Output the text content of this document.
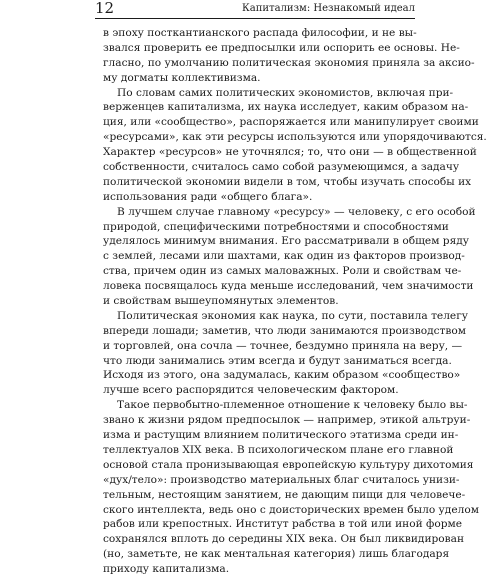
12	Капитализм: Незнакомый идеал
в эпоху посткантианского распада философии, и не вы-
звался проверить ее предпосылки или оспорить ее основы. Не-
гласно, по умолчанию политическая экономия приняла за аксио-
му догматы коллективизма.
По словам самих политических экономистов, включая пpи-
верженцев капитализма, их наука исследует, каким образом на-
ция, или «сообщество», распоряжается или манипулирует своими
«ресурсами», как эти ресурсы используются или упорядочиваются.
Характер «ресурсов» не уточнялся; то, что они — в общественной
собственности, считалось само собой разумеющимся, а задачу
политической экономии видели в том, чтобы изучать способы их
использования ради «общего блага».
В лучшем случае главному «ресурсу» — человеку, с его особой
природой, специфическими потребностями и способностями
уделялось минимум внимания. Его рассматривали в общем ряду
с землей, лесами или шахтами, как один из факторов производ-
ства, причем один из самых маловажных. Роли и свойствам че-
ловека посвящалось куда меньше исследований, чем значимости
и свойствам вышеупомянутых элементов.
Политическая экономия как наука, по сути, поставила телегу
впереди лошади; заметив, что люди занимаются производством
и торговлей, она сочла — точнее, бездумно приняла на веру, —
что люди занимались этим всегда и будут заниматься всегда.
Исходя из этого, она задумалась, каким образом «сообщество»
лучше всего распорядится человеческим фактором.
Такое первобытно-племенное отношение к человеку было вы-
звано к жизни рядом предпосылок — например, этикой альтруи-
изма и растущим влиянием политического этатизма среди ин-
теллектуалов XIX века. В психологическом плане его главной
основой стала пронизывающая европейскую культуру дихотомия
«дух/тело»: производство материальных благ считалось унизи-
тельным, нестоящим занятием, не дающим пищи для человече-
ского интеллекта, ведь оно с доисторических времен было уделом
рабов или крепостных. Институт рабства в той или иной форме
сохранялся вплоть до середины XIX века. Он был ликвидирован
(но, заметьте, не как ментальная категория) лишь благодаря
приходу капитализма.
